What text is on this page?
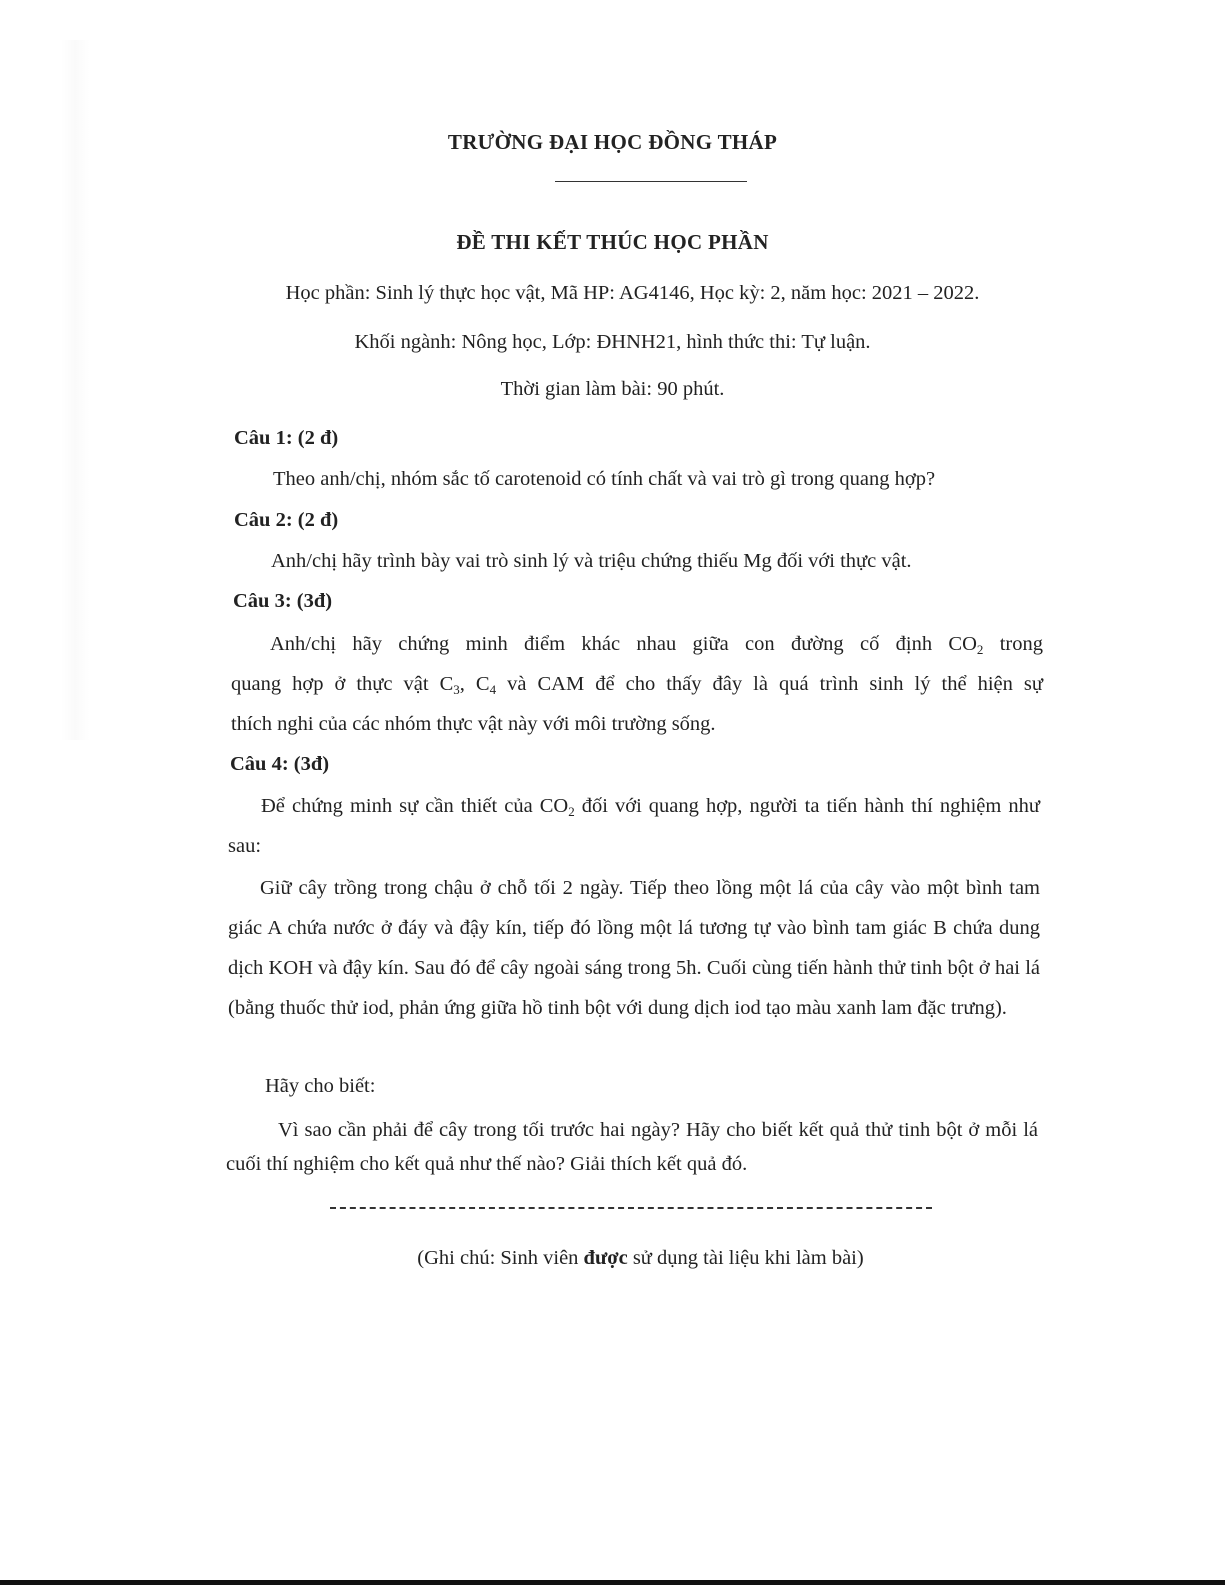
TRƯỜNG ĐẠI HỌC ĐỒNG THÁP
ĐỀ THI KẾT THÚC HỌC PHẦN
Học phần: Sinh lý thực học vật, Mã HP: AG4146, Học kỳ: 2, năm học: 2021 – 2022.
Khối ngành: Nông học, Lớp: ĐHNH21, hình thức thi: Tự luận.
Thời gian làm bài: 90 phút.
Câu 1: (2 đ)
Theo anh/chị, nhóm sắc tố carotenoid có tính chất và vai trò gì trong quang hợp?
Câu 2: (2 đ)
Anh/chị hãy trình bày vai trò sinh lý và triệu chứng thiếu Mg đối với thực vật.
Câu 3: (3đ)
Anh/chị hãy chứng minh điểm khác nhau giữa con đường cố định $CO_2$ trong
quang hợp ở thực vật $C_3$, $C_4$ và CAM để cho thấy đây là quá trình sinh lý thể hiện sự
thích nghi của các nhóm thực vật này với môi trường sống.
Câu 4: (3đ)
Để chứng minh sự cần thiết của $CO_2$ đối với quang hợp, người ta tiến hành thí nghiệm như sau:
Giữ cây trồng trong chậu ở chỗ tối 2 ngày. Tiếp theo lồng một lá của cây vào một bình tam giác A chứa nước ở đáy và đậy kín, tiếp đó lồng một lá tương tự vào bình tam giác B chứa dung dịch KOH và đậy kín. Sau đó để cây ngoài sáng trong 5h. Cuối cùng tiến hành thử tinh bột ở hai lá (bằng thuốc thử iod, phản ứng giữa hồ tinh bột với dung dịch iod tạo màu xanh lam đặc trưng).
Hãy cho biết:
Vì sao cần phải để cây trong tối trước hai ngày? Hãy cho biết kết quả thử tinh bột ở mỗi lá cuối thí nghiệm cho kết quả như thế nào? Giải thích kết quả đó.
(Ghi chú: Sinh viên được sử dụng tài liệu khi làm bài)
